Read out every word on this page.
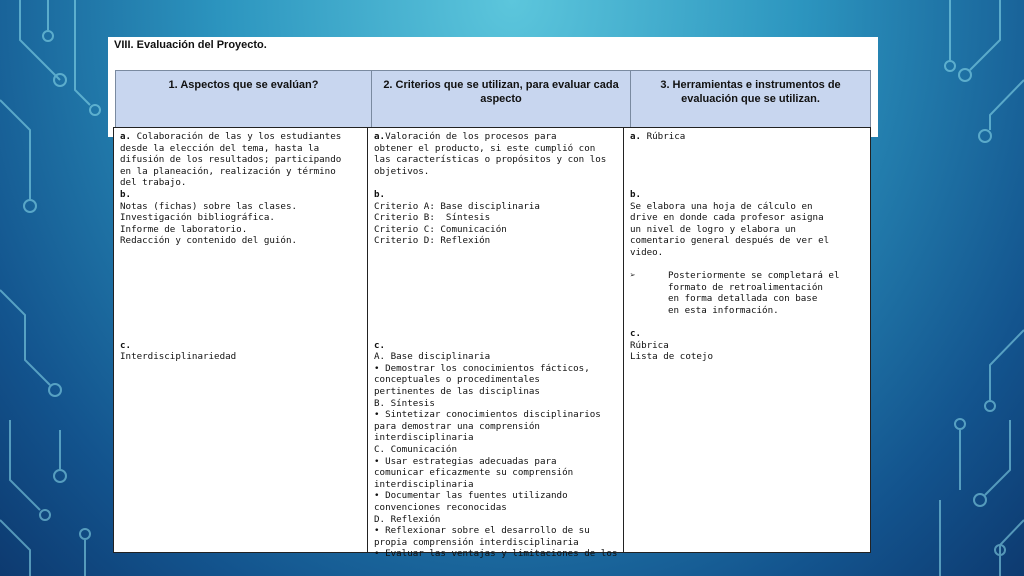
VIII. Evaluación del Proyecto.
1. Aspectos que se evalúan?	2. Criterios que se utilizan, para evaluar cada aspecto
3. Herramientas e instrumentos de evaluación que se utilizan.
a. Colaboración de las y los estudiantes
desde la elección del tema, hasta la
difusión de los resultados; participando
en la planeación, realización y término
del trabajo.
b.
Notas (fichas) sobre las clases.
Investigación bibliográfica.
Informe de laboratorio.
Redacción y contenido del guión.
c.
Interdisciplinariedad
a.Valoración de los procesos para
obtener el producto, si este cumplió con
las características o propósitos y con los
objetivos.
b.
Criterio A: Base disciplinaria
Criterio B:  Síntesis
Criterio C: Comunicación
Criterio D: Reflexión
c.
A. Base disciplinaria
• Demostrar los conocimientos fácticos,
conceptuales o procedimentales
pertinentes de las disciplinas
B. Síntesis
• Sintetizar conocimientos disciplinarios
para demostrar una comprensión
interdisciplinaria
C. Comunicación
• Usar estrategias adecuadas para
comunicar eficazmente su comprensión
interdisciplinaria
• Documentar las fuentes utilizando
convenciones reconocidas
D. Reflexión
• Reflexionar sobre el desarrollo de su
propia comprensión interdisciplinaria
• Evaluar las ventajas y limitaciones de los
a. Rúbrica
b.
Se elabora una hoja de cálculo en
drive en donde cada profesor asigna
un nivel de logro y elabora un
comentario general después de ver el
video.
➢	Posteriormente se completará el
formato de retroalimentación
en forma detallada con base
en esta información.
c.
Rúbrica
Lista de cotejo
